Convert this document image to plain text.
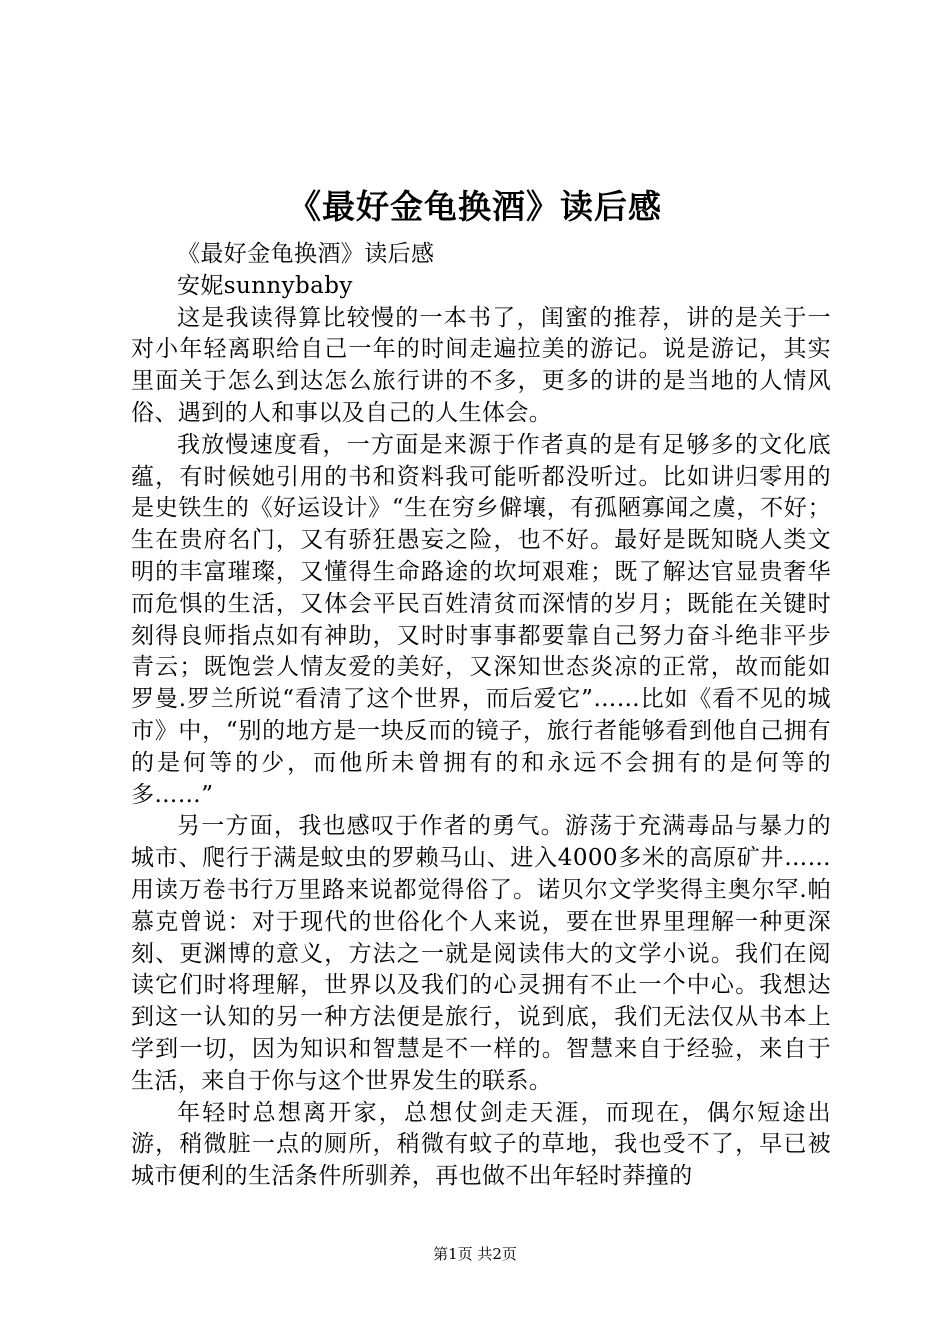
《最好金龟换酒》读后感

《最好金龟换酒》读后感

安妮sunnybaby

这是我读得算比较慢的一本书了，闺蜜的推荐，讲的是关于一对小年轻离职给自己一年的时间走遍拉美的游记。说是游记，其实里面关于怎么到达怎么旅行讲的不多，更多的讲的是当地的人情风俗、遇到的人和事以及自己的人生体会。

我放慢速度看，一方面是来源于作者真的是有足够多的文化底蕴，有时候她引用的书和资料我可能听都没听过。比如讲归零用的是史铁生的《好运设计》“生在穷乡僻壤，有孤陋寡闻之虞，不好；生在贵府名门，又有骄狂愚妄之险，也不好。最好是既知晓人类文明的丰富璀璨，又懂得生命路途的坎坷艰难；既了解达官显贵奢华而危惧的生活，又体会平民百姓清贫而深情的岁月；既能在关键时刻得良师指点如有神助，又时时事事都要靠自己努力奋斗绝非平步青云；既饱尝人情友爱的美好，又深知世态炎凉的正常，故而能如罗曼.罗兰所说“看清了这个世界，而后爱它”……比如《看不见的城市》中，“别的地方是一块反而的镜子，旅行者能够看到他自己拥有的是何等的少，而他所未曾拥有的和永远不会拥有的是何等的多……”

另一方面，我也感叹于作者的勇气。游荡于充满毒品与暴力的城市、爬行于满是蚊虫的罗赖马山、进入4000多米的高原矿井……用读万卷书行万里路来说都觉得俗了。诺贝尔文学奖得主奥尔罕.帕慕克曾说：对于现代的世俗化个人来说，要在世界里理解一种更深刻、更渊博的意义，方法之一就是阅读伟大的文学小说。我们在阅读它们时将理解，世界以及我们的心灵拥有不止一个中心。我想达到这一认知的另一种方法便是旅行，说到底，我们无法仅从书本上学到一切，因为知识和智慧是不一样的。智慧来自于经验，来自于生活，来自于你与这个世界发生的联系。

年轻时总想离开家，总想仗剑走天涯，而现在，偶尔短途出游，稍微脏一点的厕所，稍微有蚊子的草地，我也受不了，早已被城市便利的生活条件所驯养，再也做不出年轻时莽撞的

第1页 共2页
